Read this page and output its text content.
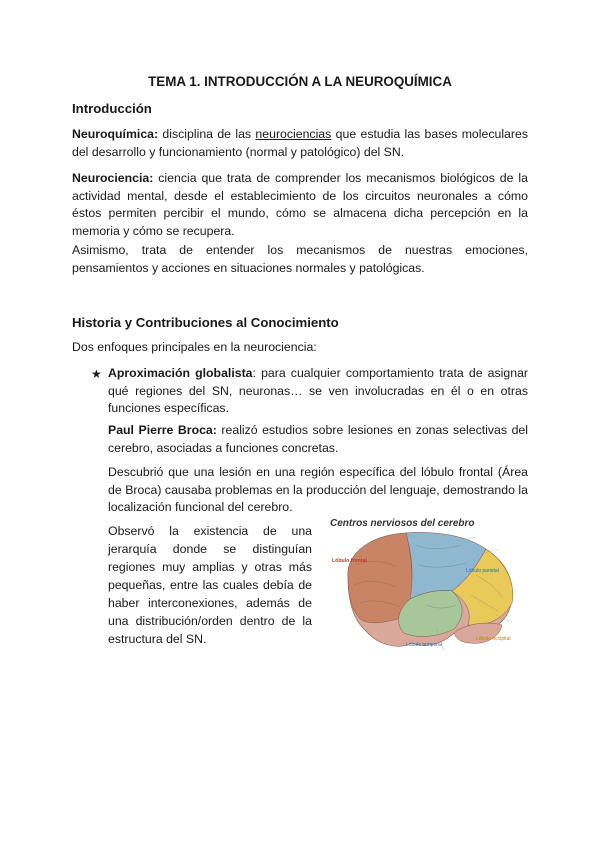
TEMA 1. INTRODUCCIÓN A LA NEUROQUÍMICA
Introducción

Neuroquímica: disciplina de las neurociencias que estudia las bases moleculares del desarrollo y funcionamiento (normal y patológico) del SN.

Neurociencia: ciencia que trata de comprender los mecanismos biológicos de la actividad mental, desde el establecimiento de los circuitos neuronales a cómo éstos permiten percibir el mundo, cómo se almacena dicha percepción en la memoria y cómo se recupera.

Asimismo, trata de entender los mecanismos de nuestras emociones, pensamientos y acciones en situaciones normales y patológicas.

Historia y Contribuciones al Conocimiento

Dos enfoques principales en la neurociencia:

★ Aproximación globalista: para cualquier comportamiento trata de asignar qué regiones del SN, neuronas… se ven involucradas en él o en otras funciones específicas.

Paul Pierre Broca: realizó estudios sobre lesiones en zonas selectivas del cerebro, asociadas a funciones concretas.

Descubrió que una lesión en una región específica del lóbulo frontal (Área de Broca) causaba problemas en la producción del lenguaje, demostrando la localización funcional del cerebro.

Observó la existencia de una jerarquía donde se distinguían regiones muy amplias y otras más pequeñas, entre las cuales debía de haber interconexiones, además de una distribución/orden dentro de la estructura del SN.

Centros nerviosos del cerebro
Lóbulo frontal
Lóbulo parietal
Lóbulo temporal
Lóbulo occipital
